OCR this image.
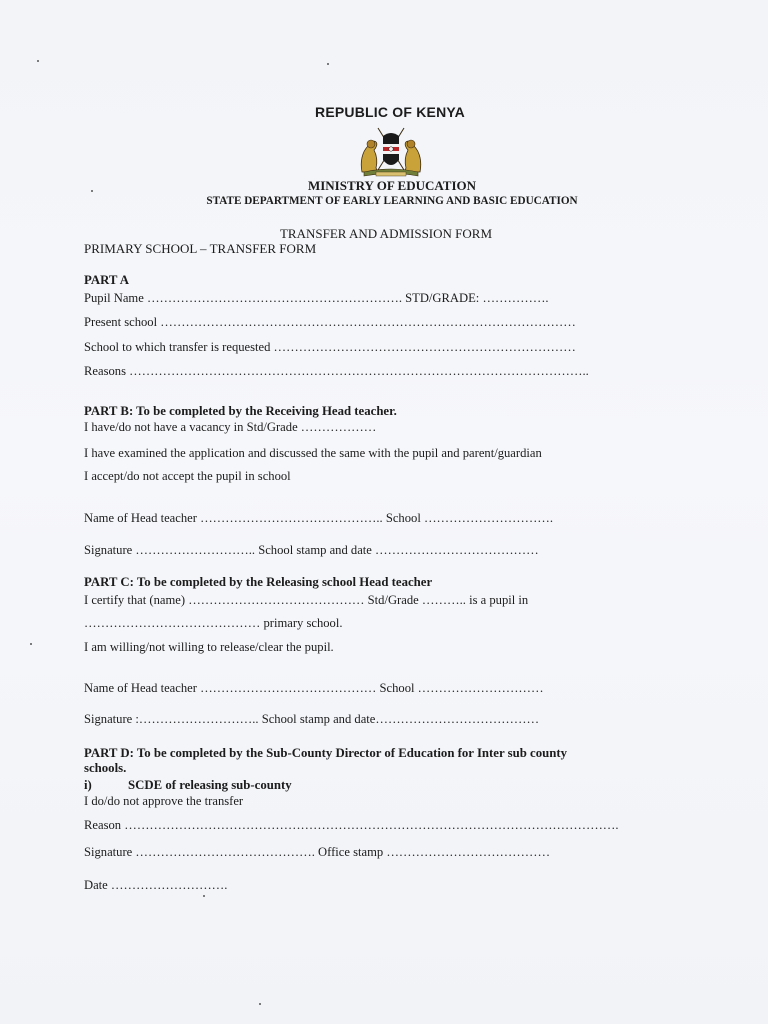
REPUBLIC OF KENYA
MINISTRY OF EDUCATION
STATE DEPARTMENT OF EARLY LEARNING AND BASIC EDUCATION
TRANSFER AND ADMISSION FORM
PRIMARY SCHOOL – TRANSFER FORM
PART A
Pupil Name ……………………………………………………. STD/GRADE: …………….
Present school ………………………………………………………………………………………
School to which transfer is requested ………………………………………………………………
Reasons ………………………………………………………………………………………………..
PART B: To be completed by the Receiving Head teacher.
I have/do not have a vacancy in Std/Grade ………………
I have examined the application and discussed the same with the pupil and parent/guardian
I accept/do not accept the pupil in school
Name of Head teacher …………………………………….. School ………………………….
Signature ……………………….. School stamp and date …………………………………
PART C: To be completed by the Releasing school Head teacher
I certify that (name) …………………………………… Std/Grade ……….. is a pupil in
…………………………………… primary school.
I am willing/not willing to release/clear the pupil.
Name of Head teacher …………………………………… School …………………………
Signature :……………………….. School stamp and date…………………………………
PART D: To be completed by the Sub-County Director of Education for Inter sub county
schools.
i)	SCDE of releasing sub-county
I do/do not approve the transfer
Reason ……………………………………………………………………………………………………….
Signature ……………………………………. Office stamp …………………………………
Date ……………………….
